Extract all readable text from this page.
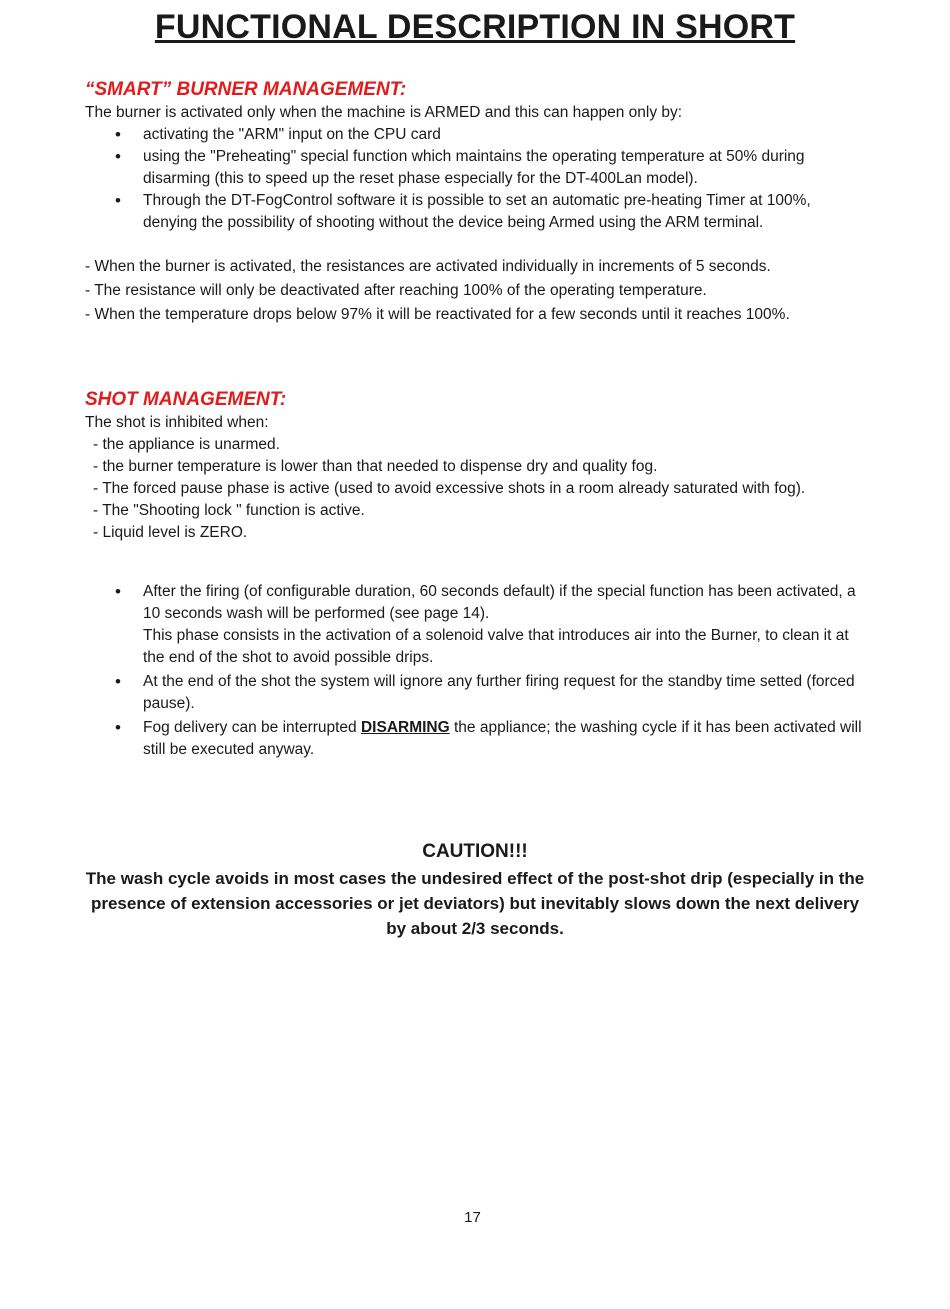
FUNCTIONAL DESCRIPTION IN SHORT
“SMART” BURNER MANAGEMENT:

The burner is activated only when the machine is ARMED and this can happen only by:

• activating the "ARM" input on the CPU card
• using the "Preheating" special function which maintains the operating temperature at 50% during disarming (this to speed up the reset phase especially for the DT-400Lan model).
• Through the DT-FogControl software it is possible to set an automatic pre-heating Timer at 100%, denying the possibility of shooting without the device being Armed using the ARM terminal.

- When the burner is activated, the resistances are activated individually in increments of 5 seconds.

- The resistance will only be deactivated after reaching 100% of the operating temperature.

- When the temperature drops below 97% it will be reactivated for a few seconds until it reaches 100%.

SHOT MANAGEMENT:

The shot is inhibited when:

- the appliance is unarmed.

- the burner temperature is lower than that needed to dispense dry and quality fog.

- The forced pause phase is active (used to avoid excessive shots in a room already saturated with fog).

- The "Shooting lock " function is active.

- Liquid level is ZERO.

• After the firing (of configurable duration, 60 seconds default) if the special function has been activated, a 10 seconds wash will be performed (see page 14).
This phase consists in the activation of a solenoid valve that introduces air into the Burner, to clean it at the end of the shot to avoid possible drips.
• At the end of the shot the system will ignore any further firing request for the standby time setted (forced pause).
• Fog delivery can be interrupted DISARMING the appliance; the washing cycle if it has been activated will still be executed anyway.
CAUTION!!!
The wash cycle avoids in most cases the undesired effect of the post-shot drip (especially in the presence of extension accessories or jet deviators) but inevitably slows down the next delivery by about 2/3 seconds.
17
